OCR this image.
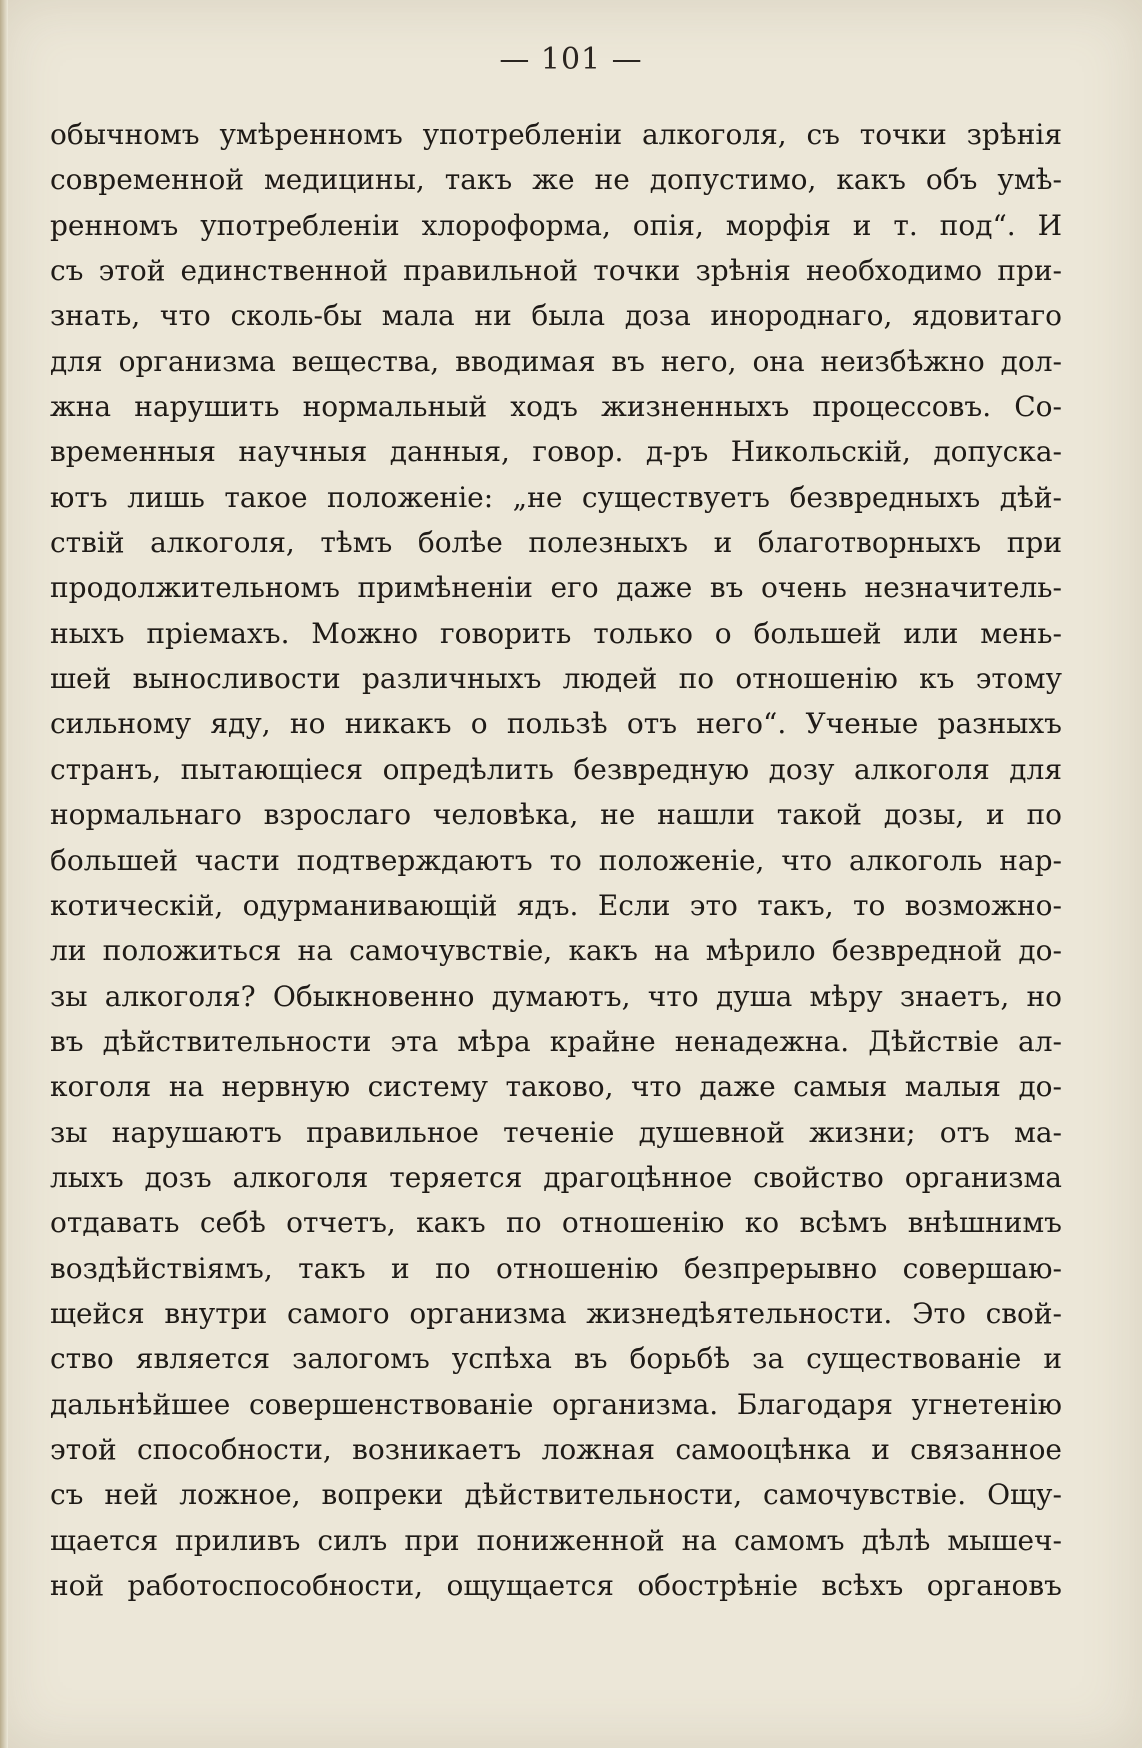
— 101 —
обычномъ умѣренномъ употребленіи алкоголя, съ точки зрѣнія
современной медицины, такъ же не допустимо, какъ объ умѣ-
ренномъ употребленіи хлороформа, опія, морфія и т. под“. И
съ этой единственной правильной точки зрѣнія необходимо при-
знать, что сколь-бы мала ни была доза инороднаго, ядовитаго
для организма вещества, вводимая въ него, она неизбѣжно дол-
жна нарушить нормальный ходъ жизненныхъ процессовъ. Со-
временныя научныя данныя, говор. д-ръ Никольскій, допуска-
ютъ лишь такое положеніе: „не существуетъ безвредныхъ дѣй-
ствій алкоголя, тѣмъ болѣе полезныхъ и благотворныхъ при
продолжительномъ примѣненіи его даже въ очень незначитель-
ныхъ пріемахъ. Можно говорить только о большей или мень-
шей выносливости различныхъ людей по отношенію къ этому
сильному яду, но никакъ о пользѣ отъ него“. Ученые разныхъ
странъ, пытающіеся опредѣлить безвредную дозу алкоголя для
нормальнаго взрослаго человѣка, не нашли такой дозы, и по
большей части подтверждаютъ то положеніе, что алкоголь нар-
котическій, одурманивающій ядъ. Если это такъ, то возможно-
ли положиться на самочувствіе, какъ на мѣрило безвредной до-
зы алкоголя? Обыкновенно думаютъ, что душа мѣру знаетъ, но
въ дѣйствительности эта мѣра крайне ненадежна. Дѣйствіе ал-
коголя на нервную систему таково, что даже самыя малыя до-
зы нарушаютъ правильное теченіе душевной жизни; отъ ма-
лыхъ дозъ алкоголя теряется драгоцѣнное свойство организма
отдавать себѣ отчетъ, какъ по отношенію ко всѣмъ внѣшнимъ
воздѣйствіямъ, такъ и по отношенію безпрерывно совершаю-
щейся внутри самого организма жизнедѣятельности. Это свой-
ство является залогомъ успѣха въ борьбѣ за существованіе и
дальнѣйшее совершенствованіе организма. Благодаря угнетенію
этой способности, возникаетъ ложная самооцѣнка и связанное
съ ней ложное, вопреки дѣйствительности, самочувствіе. Ощу-
щается приливъ силъ при пониженной на самомъ дѣлѣ мышеч-
ной работоспособности, ощущается обострѣніе всѣхъ органовъ
